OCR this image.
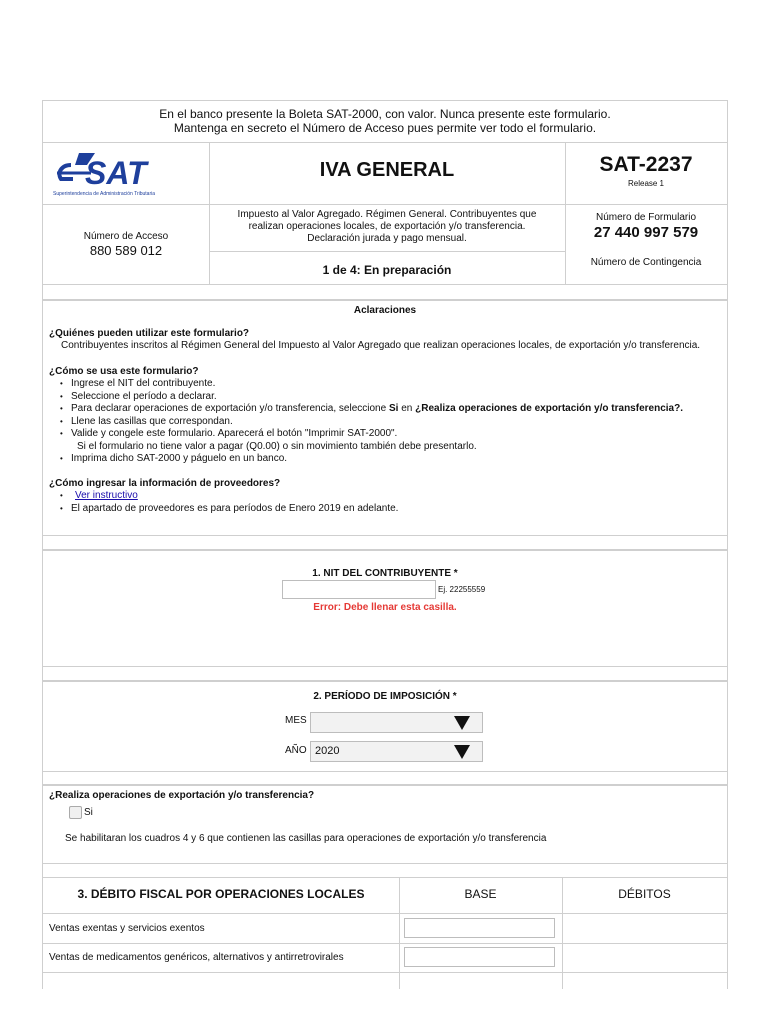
En el banco presente la Boleta SAT-2000, con valor. Nunca presente este formulario.
Mantenga en secreto el Número de Acceso pues permite ver todo el formulario.
SAT
Superintendencia de Administración Tributaria
IVA GENERAL	SAT-2237
Release 1
Número de Acceso
880 589 012
Impuesto al Valor Agregado. Régimen General. Contribuyentes que realizan operaciones locales, de exportación y/o transferencia. Declaración jurada y pago mensual.
Número de Formulario
27 440 997 579
1 de 4: En preparación
Número de Contingencia
Aclaraciones
¿Quiénes pueden utilizar este formulario?
Contribuyentes inscritos al Régimen General del Impuesto al Valor Agregado que realizan operaciones locales, de exportación y/o transferencia.
¿Cómo se usa este formulario?
• Ingrese el NIT del contribuyente.
• Seleccione el período a declarar.
• Para declarar operaciones de exportación y/o transferencia, seleccione Si en ¿Realiza operaciones de exportación y/o transferencia?.
• Llene las casillas que correspondan.
• Valide y congele este formulario. Aparecerá el botón "Imprimir SAT-2000".
Si el formulario no tiene valor a pagar (Q0.00) o sin movimiento también debe presentarlo.
• Imprima dicho SAT-2000 y páguelo en un banco.
¿Cómo ingresar la información de proveedores?
• Ver instructivo
• El apartado de proveedores es para períodos de Enero 2019 en adelante.
1. NIT DEL CONTRIBUYENTE *
Ej. 22255559
Error: Debe llenar esta casilla.
2. PERÍODO DE IMPOSICIÓN *
MES
AÑO 2020
¿Realiza operaciones de exportación y/o transferencia?
Si
Se habilitaran los cuadros 4 y 6 que contienen las casillas para operaciones de exportación y/o transferencia
3. DÉBITO FISCAL POR OPERACIONES LOCALES	BASE	DÉBITOS
Ventas exentas y servicios exentos
Ventas de medicamentos genéricos, alternativos y antirretrovirales
